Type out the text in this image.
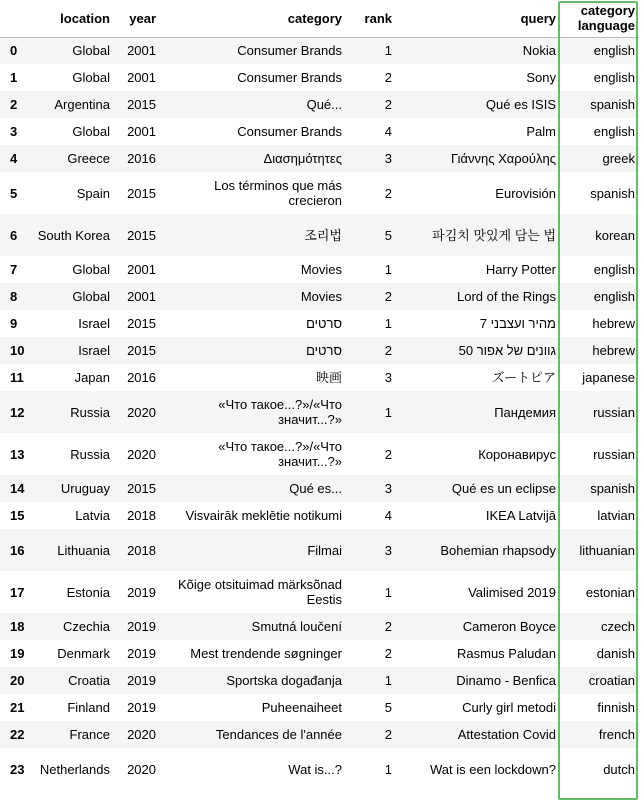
	location	year	category	rank	query	category language
0	Global	2001	Consumer Brands	1	Nokia	english
1	Global	2001	Consumer Brands	2	Sony	english
2	Argentina	2015	Qué...	2	Qué es ISIS	spanish
3	Global	2001	Consumer Brands	4	Palm	english
4	Greece	2016	Διασημότητες	3	Γιάννης Χαρούλης	greek
5	Spain	2015	Los términos que más crecieron	2	Eurovisión	spanish
6	South Korea	2015	조리법	5	파김치 맛있게 담는 법	korean
7	Global	2001	Movies	1	Harry Potter	english
8	Global	2001	Movies	2	Lord of the Rings	english
9	Israel	2015	סרטים	1	מהיר ועצבני 7	hebrew
10	Israel	2015	סרטים	2	גוונים של אפור 50	hebrew
11	Japan	2016	映画	3	ズートピア	japanese
12	Russia	2020	«Что такое...?»/«Что значит...?»	1	Пандемия	russian
13	Russia	2020	«Что такое...?»/«Что значит...?»	2	Коронавирус	russian
14	Uruguay	2015	Qué es...	3	Qué es un eclipse	spanish
15	Latvia	2018	Visvairāk meklētie notikumi	4	IKEA Latvijā	latvian
16	Lithuania	2018	Filmai	3	Bohemian rhapsody	lithuanian
17	Estonia	2019	Kõige otsituimad märksõnad Eestis	1	Valimised 2019	estonian
18	Czechia	2019	Smutná loučení	2	Cameron Boyce	czech
19	Denmark	2019	Mest trendende søgninger	2	Rasmus Paludan	danish
20	Croatia	2019	Sportska događanja	1	Dinamo - Benfica	croatian
21	Finland	2019	Puheenaiheet	5	Curly girl metodi	finnish
22	France	2020	Tendances de l'année	2	Attestation Covid	french
23	Netherlands	2020	Wat is...?	1	Wat is een lockdown?	dutch
